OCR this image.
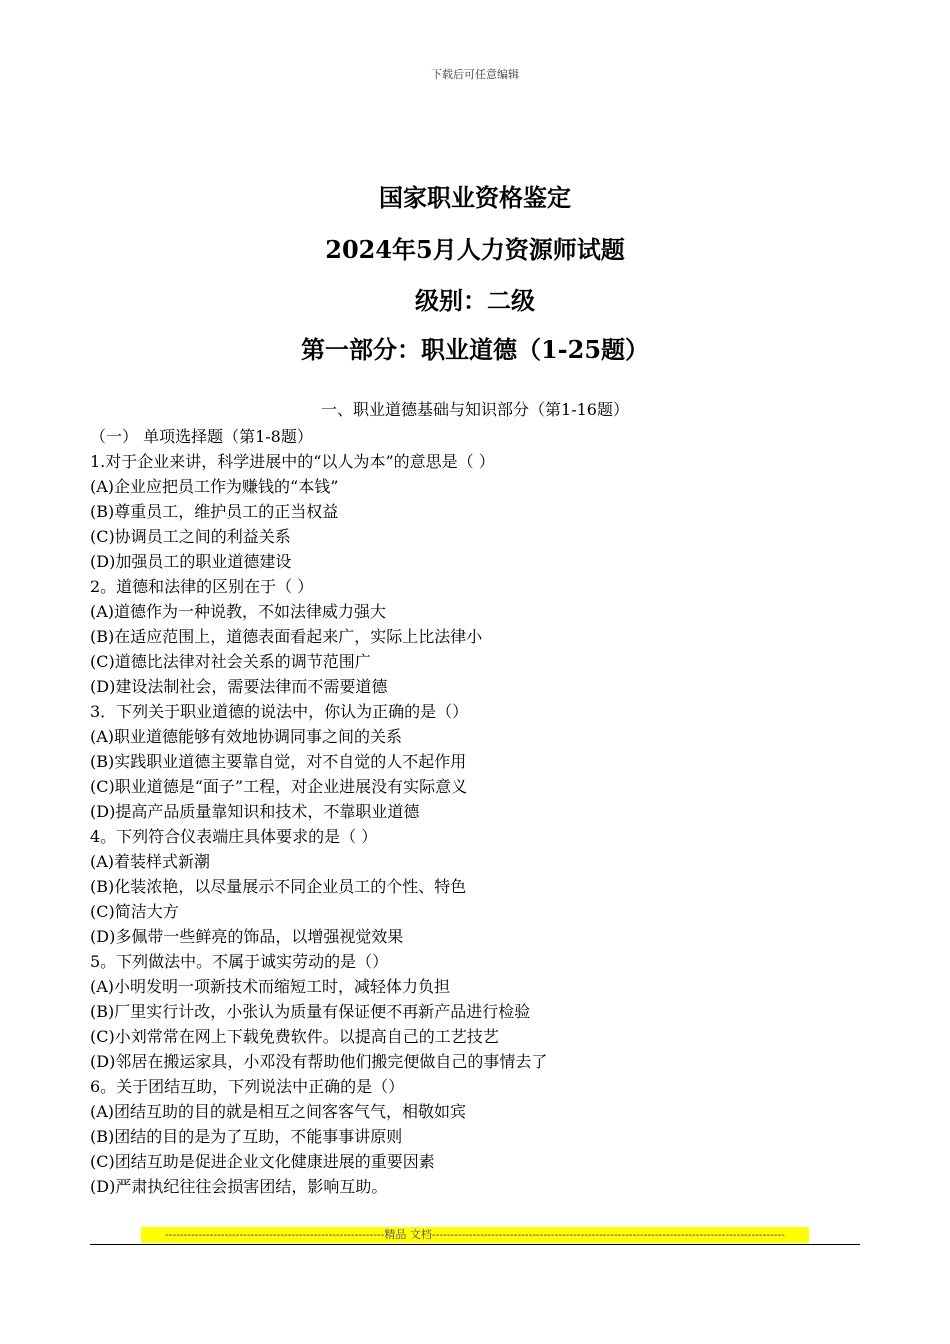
下载后可任意编辑
国家职业资格鉴定
2024年5月人力资源师试题
级别：二级
第一部分：职业道德（1-25题）
一、职业道德基础与知识部分（第1-16题）
（一） 单项选择题（第1-8题）
1.对于企业来讲，科学进展中的“以人为本”的意思是（ ）
(A)企业应把员工作为赚钱的“本钱”
(B)尊重员工，维护员工的正当权益
(C)协调员工之间的利益关系
(D)加强员工的职业道德建设
2。道德和法律的区别在于（ ）
(A)道德作为一种说教，不如法律威力强大
(B)在适应范围上，道德表面看起来广，实际上比法律小
(C)道德比法律对社会关系的调节范围广
(D)建设法制社会，需要法律而不需要道德
3．下列关于职业道德的说法中，你认为正确的是（）
(A)职业道德能够有效地协调同事之间的关系
(B)实践职业道德主要靠自觉，对不自觉的人不起作用
(C)职业道德是“面子”工程，对企业进展没有实际意义
(D)提高产品质量靠知识和技术，不靠职业道德
4。下列符合仪表端庄具体要求的是（ ）
(A)着装样式新潮
(B)化装浓艳，以尽量展示不同企业员工的个性、特色
(C)简洁大方
(D)多佩带一些鲜亮的饰品，以增强视觉效果
5。下列做法中。不属于诚实劳动的是（）
(A)小明发明一项新技术而缩短工时，减轻体力负担
(B)厂里实行计改，小张认为质量有保证便不再新产品进行检验
(C)小刘常常在网上下载免费软件。以提高自己的工艺技艺
(D)邻居在搬运家具，小邓没有帮助他们搬完便做自己的事情去了
6。关于团结互助，下列说法中正确的是（）
(A)团结互助的目的就是相互之间客客气气，相敬如宾
(B)团结的目的是为了互助，不能事事讲原则
(C)团结互助是促进企业文化健康进展的重要因素
(D)严肃执纪往往会损害团结，影响互助。
-----------------------------------------------------------精品 文档-----------------------------------------------------------------------------------------------
